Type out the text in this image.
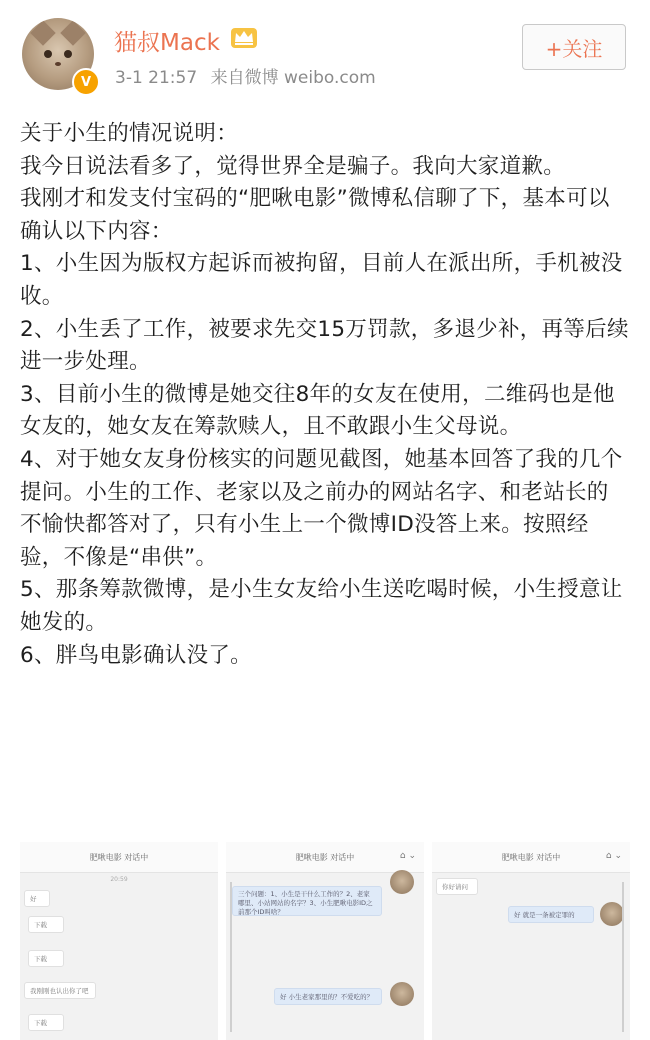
V
猫叔Mack
3-1 21:57 来自微博 weibo.com
+关注

关于小生的情况说明：

我今日说法看多了，觉得世界全是骗子。我向大家道歉。

我刚才和发支付宝码的“肥啾电影”微博私信聊了下，基本可以确认以下内容：

1、小生因为版权方起诉而被拘留，目前人在派出所，手机被没收。

2、小生丢了工作，被要求先交15万罚款，多退少补，再等后续进一步处理。

3、目前小生的微博是她交往8年的女友在使用，二维码也是他女友的，她女友在筹款赎人，且不敢跟小生父母说。

4、对于她女友身份核实的问题见截图，她基本回答了我的几个提问。小生的工作、老家以及之前办的网站名字、和老站长的不愉快都答对了，只有小生上一个微博ID没答上来。按照经验，不像是“串供”。

5、那条筹款微博，是小生女友给小生送吃喝时候，小生授意让她发的。

6、胖鸟电影确认没了。

肥啾电影 对话中
20:59
好
下载
下载
我刚刚也认出你了吧
下载
肥啾电影 对话中	⌂ ⌄
三个问题：1、小生是干什么工作的？2、老家哪里、小站网站的名字？3、小生肥啾电影ID之前那个ID叫啥？
好 小生老家那里的？不爱吃的？
肥啾电影 对话中	⌂ ⌄
你好请问
好 就是一条被定罪的
